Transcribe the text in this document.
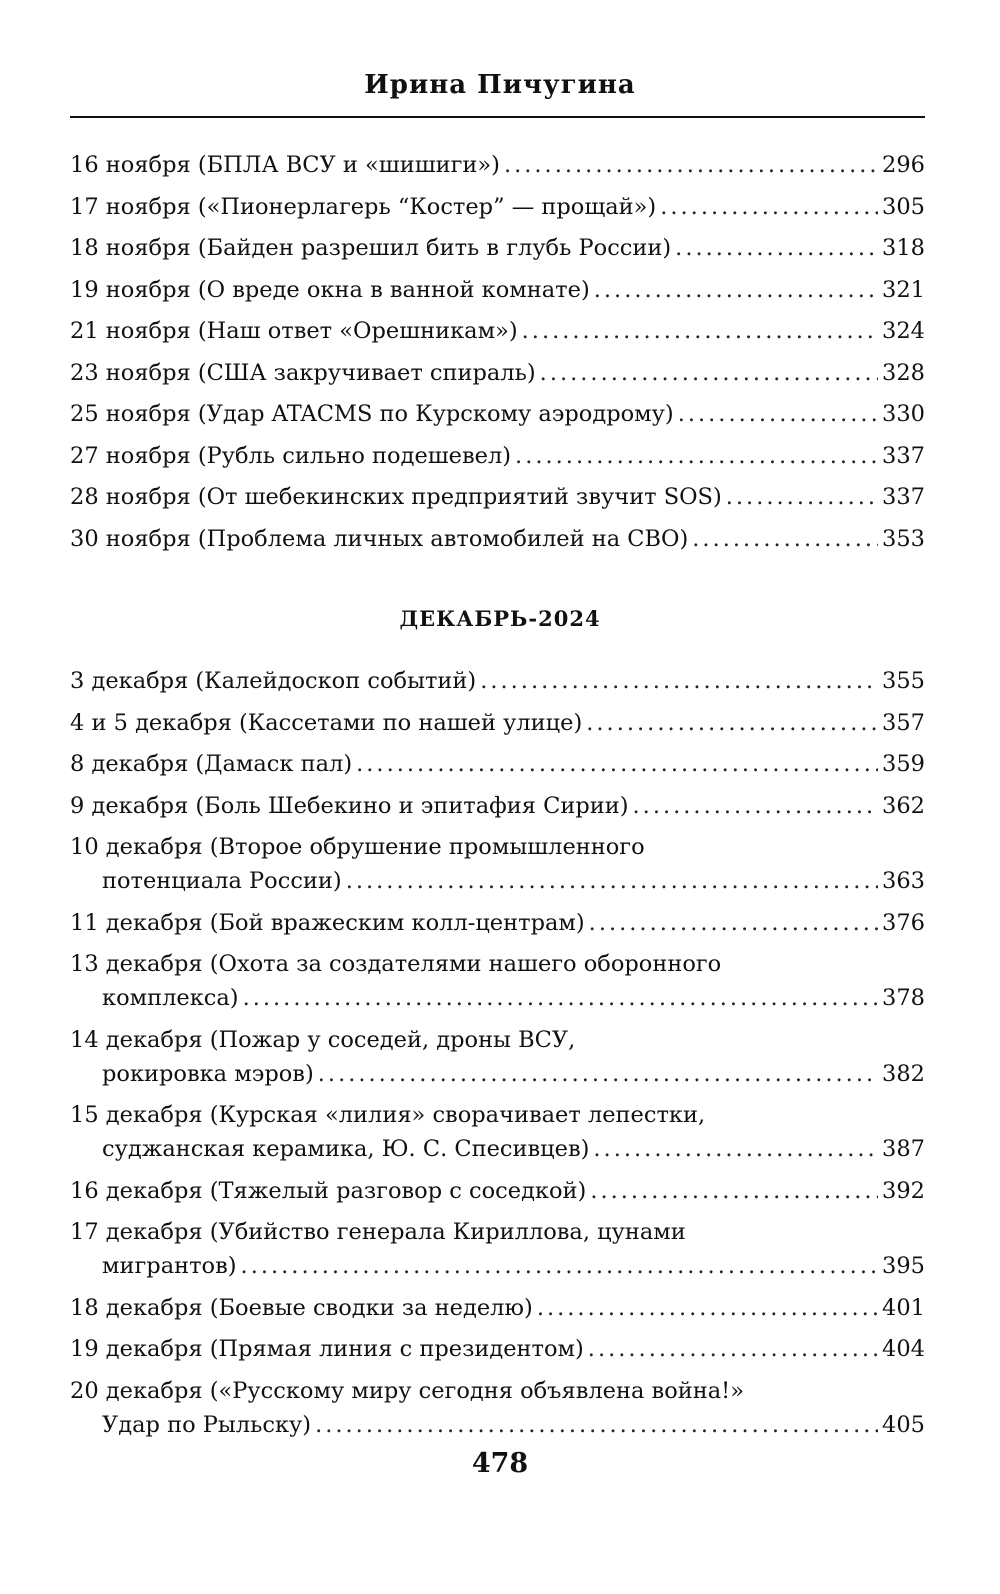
Ирина Пичугина
16 ноября (БПЛА ВСУ и «шишиги») .....	296
17 ноября («Пионерлагерь “Костер” — прощай») .....	305
18 ноября (Байден разрешил бить в глубь России) .....	318
19 ноября (О вреде окна в ванной комнате) .....	321
21 ноября (Наш ответ «Орешникам») .....	324
23 ноября (США закручивает спираль) .....	328
25 ноября (Удар ATACMS по Курскому аэродрому) .....	330
27 ноября (Рубль сильно подешевел) .....	337
28 ноября (От шебекинских предприятий звучит SOS) .....	337
30 ноября (Проблема личных автомобилей на СВО) .....	353
ДЕКАБРЬ-2024
3 декабря (Калейдоскоп событий) .....	355
4 и 5 декабря (Кассетами по нашей улице) .....	357
8 декабря (Дамаск пал) .....	359
9 декабря (Боль Шебекино и эпитафия Сирии) .....	362
10 декабря (Второе обрушение промышленного
потенциала России) .....	363
11 декабря (Бой вражеским колл-центрам) .....	376
13 декабря (Охота за создателями нашего оборонного
комплекса) .....	378
14 декабря (Пожар у соседей, дроны ВСУ,
рокировка мэров) .....	382
15 декабря (Курская «лилия» сворачивает лепестки,
суджанская керамика, Ю. С. Спесивцев) .....	387
16 декабря (Тяжелый разговор с соседкой) .....	392
17 декабря (Убийство генерала Кириллова, цунами
мигрантов) .....	395
18 декабря (Боевые сводки за неделю) .....	401
19 декабря (Прямая линия с президентом) .....	404
20 декабря («Русскому миру сегодня объявлена война!»
Удар по Рыльску) .....	405
478
